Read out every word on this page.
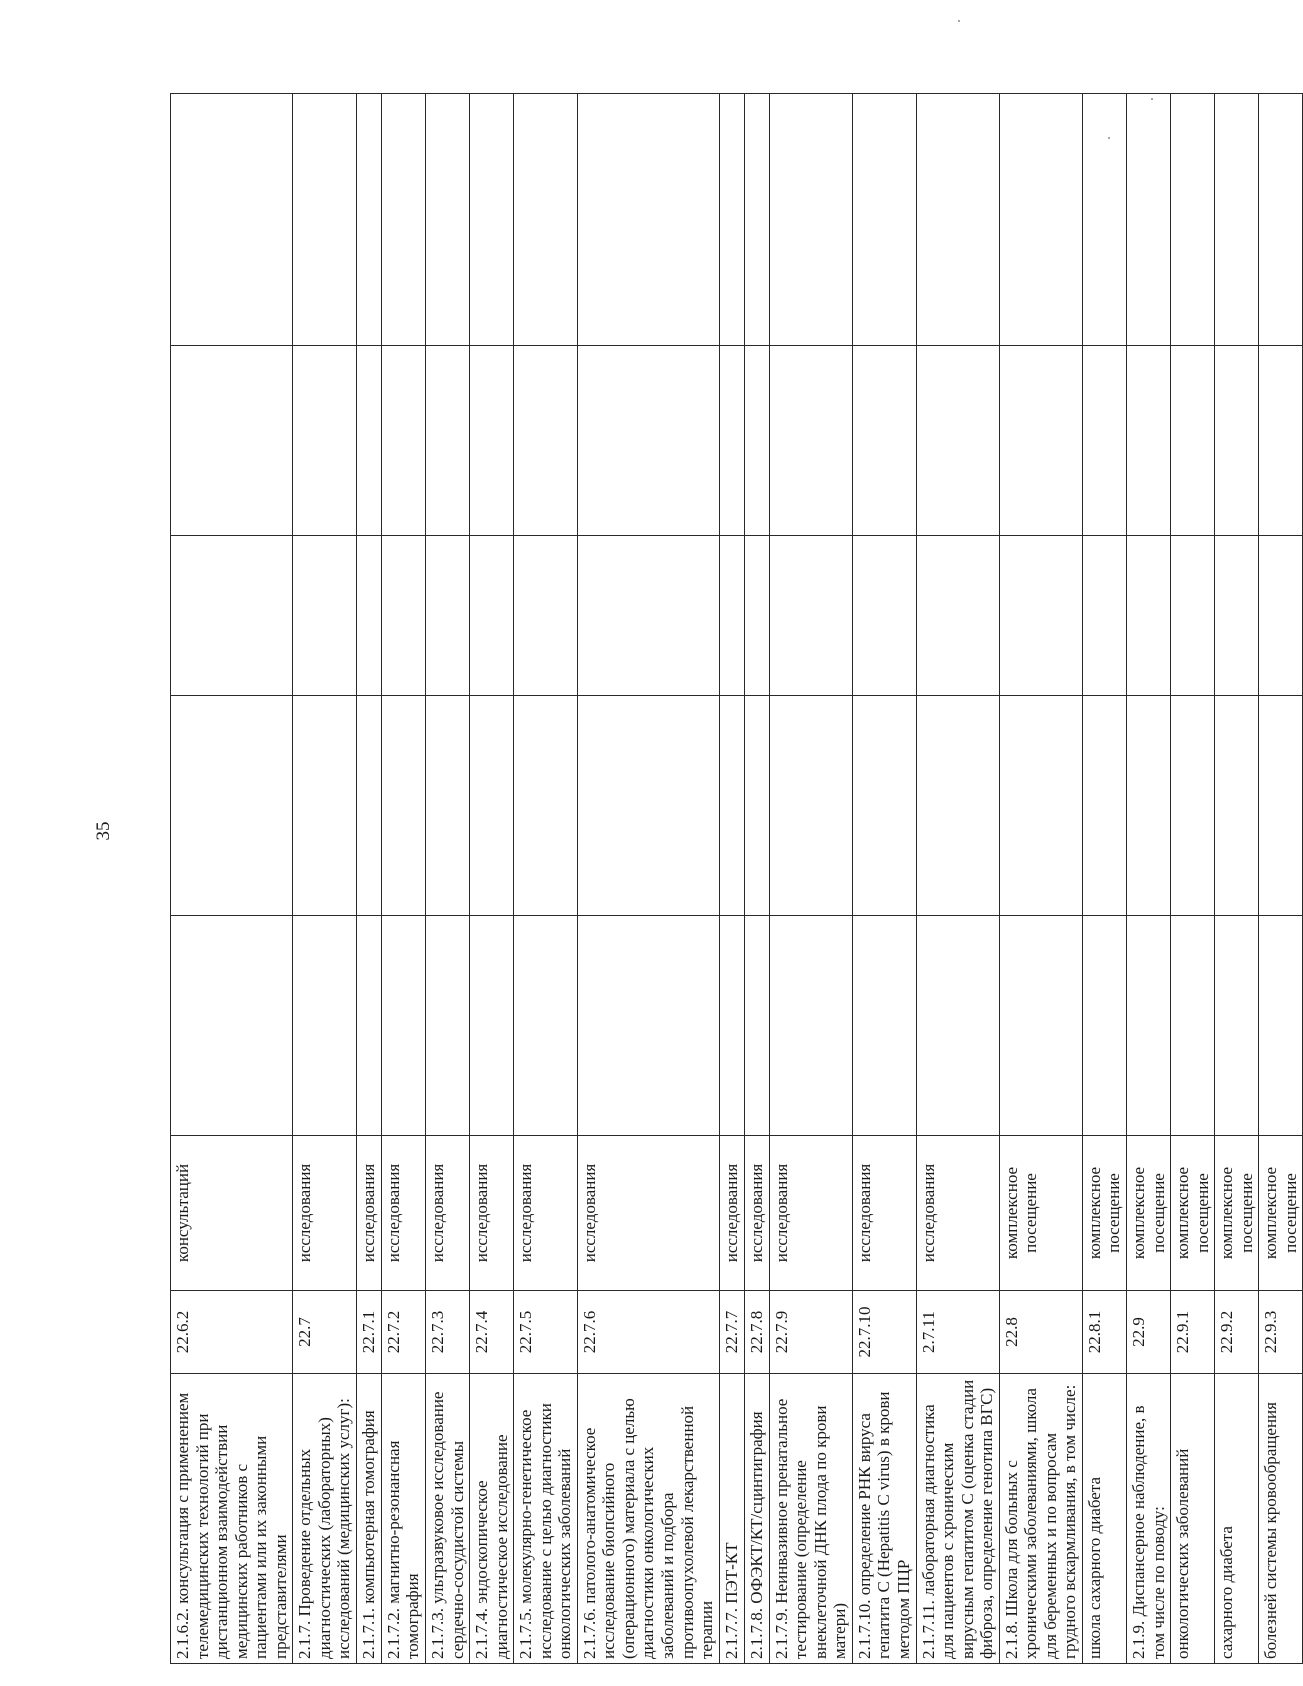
35
2.1.6.2. консультация с применением телемедицинских технологий при дистанционном взаимодействии медицинских работников с пациентами или их законными представителями	22.6.2	консультаций					
2.1.7. Проведение отдельных диагностических (лабораторных) исследований (медицинских услуг):	22.7	исследования					
2.1.7.1. компьютерная томография	22.7.1	исследования					
2.1.7.2. магнитно-резонансная томография	22.7.2	исследования					
2.1.7.3. ультразвуковое исследование сердечно-сосудистой системы	22.7.3	исследования					
2.1.7.4. эндоскопическое диагностическое исследование	22.7.4	исследования					
2.1.7.5. молекулярно-генетическое исследование с целью диагностики онкологических заболеваний	22.7.5	исследования					
2.1.7.6. патолого-анатомическое исследование биопсийного (операционного) материала с целью диагностики онкологических заболеваний и подбора противоопухолевой лекарственной терапии	22.7.6	исследования					
2.1.7.7. ПЭТ-КТ	22.7.7	исследования					
2.1.7.8. ОФЭКТ/КТ/сцинтиграфия	22.7.8	исследования					
2.1.7.9. Неинвазивное пренатальное тестирование (определение внеклеточной ДНК плода по крови матери)	22.7.9	исследования					
2.1.7.10. определение РНК вируса гепатита С (Hepatitis C virus) в крови методом ПЦР	22.7.10	исследования					
2.1.7.11. лабораторная диагностика для пациентов с хроническим вирусным гепатитом С (оценка стадии фиброза, определение генотипа ВГС)	2.7.11	исследования					
2.1.8. Школа для больных с хроническими заболеваниями, школа для беременных и по вопросам грудного вскармливания, в том числе:	22.8	комплексное посещение					
школа сахарного диабета	22.8.1	комплексное посещение					
2.1.9. Диспансерное наблюдение, в том числе по поводу:	22.9	комплексное посещение					
онкологических заболеваний	22.9.1	комплексное посещение					
сахарного диабета	22.9.2	комплексное посещение					
болезней системы кровообращения	22.9.3	комплексное посещение					
